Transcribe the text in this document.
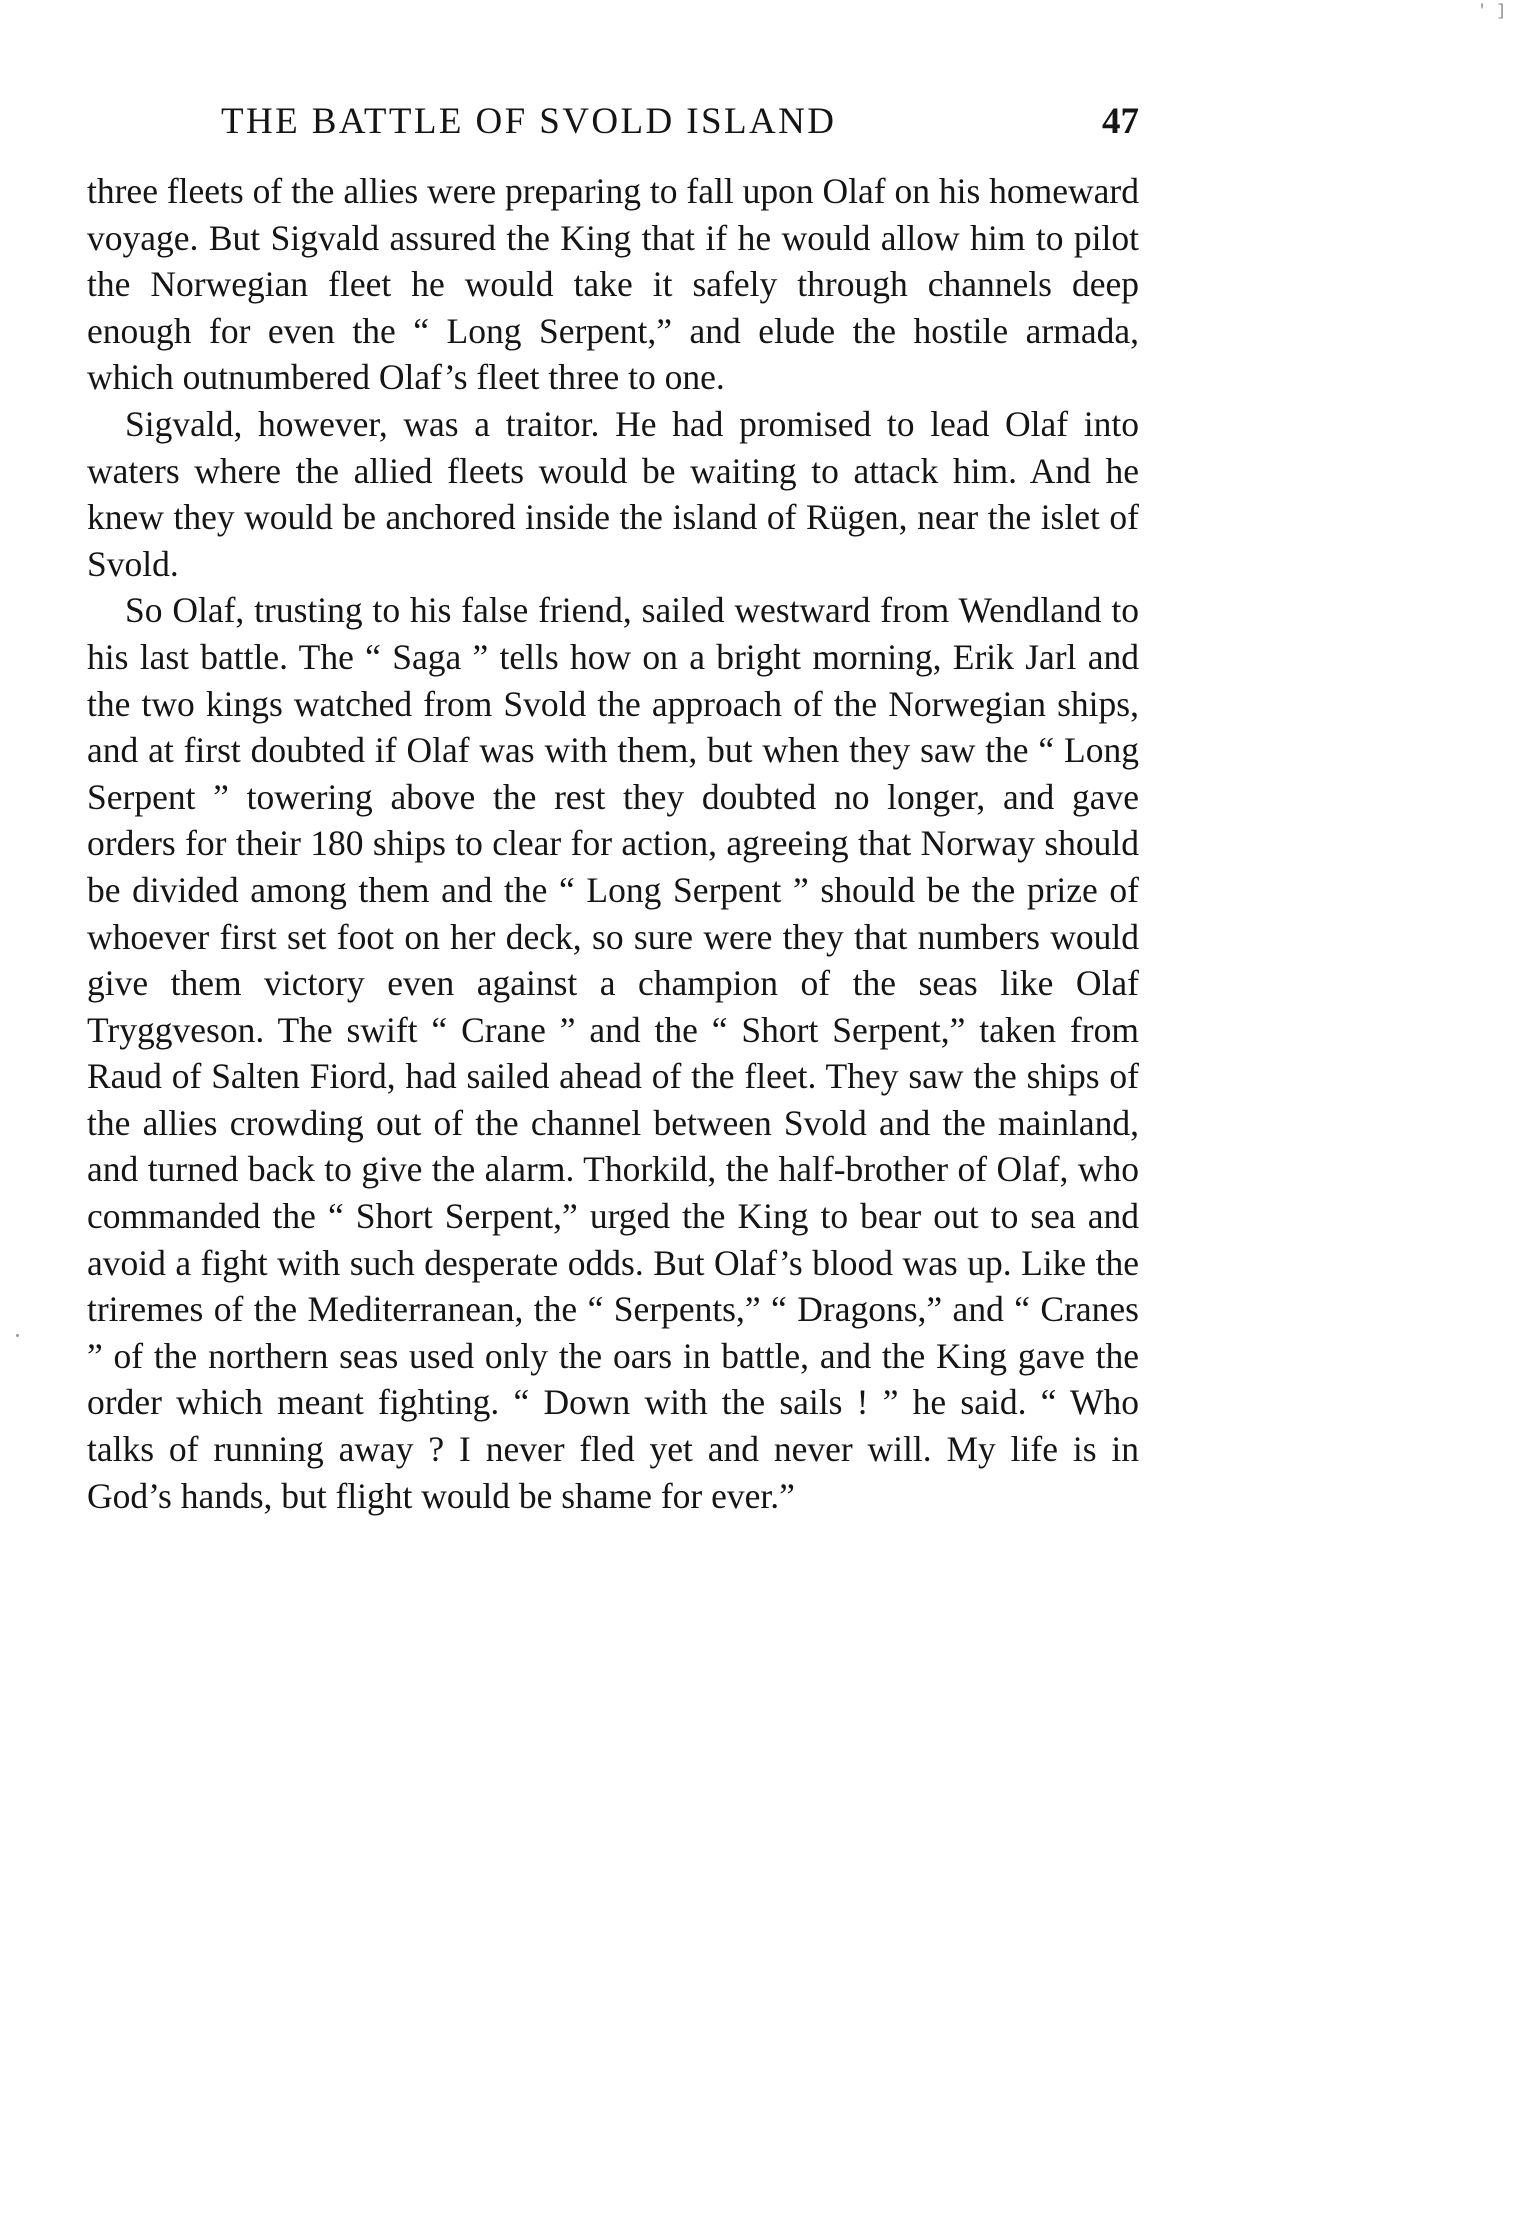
' ]
THE BATTLE OF SVOLD ISLAND	47

three fleets of the allies were preparing to fall upon Olaf on his homeward voyage. But Sigvald assured the King that if he would allow him to pilot the Norwegian fleet he would take it safely through channels deep enough for even the “ Long Serpent,” and elude the hostile armada, which outnumbered Olaf’s fleet three to one.

Sigvald, however, was a traitor. He had promised to lead Olaf into waters where the allied fleets would be waiting to attack him. And he knew they would be anchored inside the island of Rügen, near the islet of Svold.

So Olaf, trusting to his false friend, sailed westward from Wendland to his last battle. The “ Saga ” tells how on a bright morning, Erik Jarl and the two kings watched from Svold the approach of the Norwegian ships, and at first doubted if Olaf was with them, but when they saw the “ Long Serpent ” towering above the rest they doubted no longer, and gave orders for their 180 ships to clear for action, agreeing that Norway should be divided among them and the “ Long Serpent ” should be the prize of whoever first set foot on her deck, so sure were they that numbers would give them victory even against a champion of the seas like Olaf Tryggveson. The swift “ Crane ” and the “ Short Serpent,” taken from Raud of Salten Fiord, had sailed ahead of the fleet. They saw the ships of the allies crowding out of the channel between Svold and the mainland, and turned back to give the alarm. Thorkild, the half-brother of Olaf, who commanded the “ Short Serpent,” urged the King to bear out to sea and avoid a fight with such desperate odds. But Olaf’s blood was up. Like the triremes of the Mediterranean, the “ Serpents,” “ Dragons,” and “ Cranes ” of the northern seas used only the oars in battle, and the King gave the order which meant fighting. “ Down with the sails ! ” he said. “ Who talks of running away ? I never fled yet and never will. My life is in God’s hands, but flight would be shame for ever.”
